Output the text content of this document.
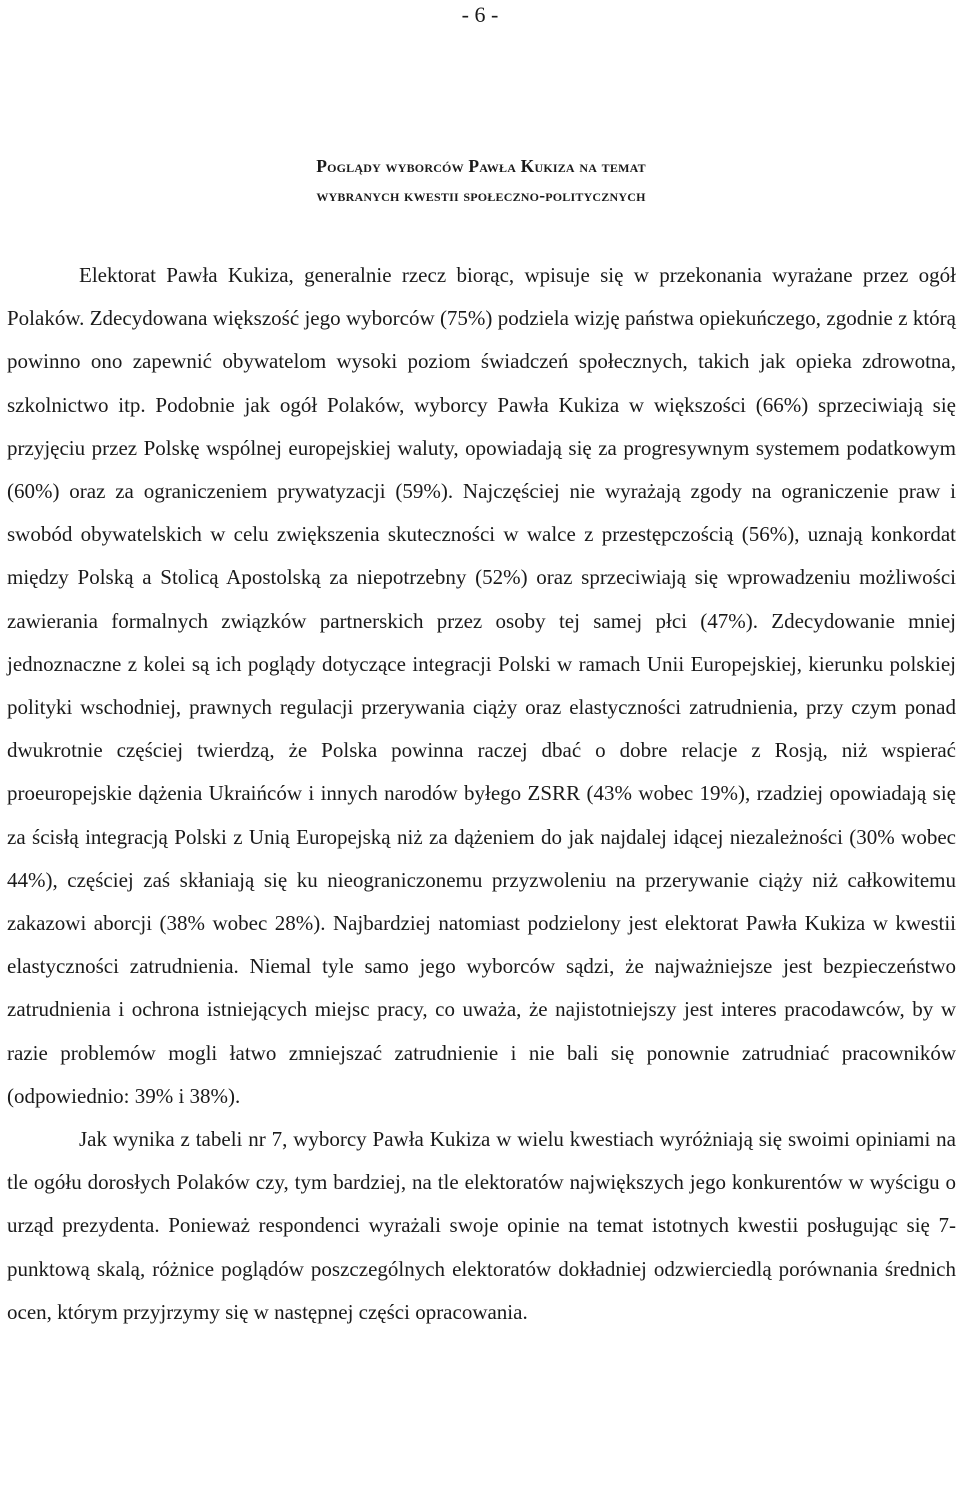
- 6 -
Poglądy wyborców Pawła Kukiza na temat
wybranych kwestii społeczno-politycznych

Elektorat Pawła Kukiza, generalnie rzecz biorąc, wpisuje się w przekonania wyrażane przez ogół Polaków. Zdecydowana większość jego wyborców (75%) podziela wizję państwa opiekuńczego, zgodnie z którą powinno ono zapewnić obywatelom wysoki poziom świadczeń społecznych, takich jak opieka zdrowotna, szkolnictwo itp. Podobnie jak ogół Polaków, wyborcy Pawła Kukiza w większości (66%) sprzeciwiają się przyjęciu przez Polskę wspólnej europejskiej waluty, opowiadają się za progresywnym systemem podatkowym (60%) oraz za ograniczeniem prywatyzacji (59%). Najczęściej nie wyrażają zgody na ograniczenie praw i swobód obywatelskich w celu zwiększenia skuteczności w walce z przestępczością (56%), uznają konkordat między Polską a Stolicą Apostolską za niepotrzebny (52%) oraz sprzeciwiają się wprowadzeniu możliwości zawierania formalnych związków partnerskich przez osoby tej samej płci (47%). Zdecydowanie mniej jednoznaczne z kolei są ich poglądy dotyczące integracji Polski w ramach Unii Europejskiej, kierunku polskiej polityki wschodniej, prawnych regulacji przerywania ciąży oraz elastyczności zatrudnienia, przy czym ponad dwukrotnie częściej twierdzą, że Polska powinna raczej dbać o dobre relacje z Rosją, niż wspierać proeuropejskie dążenia Ukraińców i innych narodów byłego ZSRR (43% wobec 19%), rzadziej opowiadają się za ścisłą integracją Polski z Unią Europejską niż za dążeniem do jak najdalej idącej niezależności (30% wobec 44%), częściej zaś skłaniają się ku nieograniczonemu przyzwoleniu na przerywanie ciąży niż całkowitemu zakazowi aborcji (38% wobec 28%). Najbardziej natomiast podzielony jest elektorat Pawła Kukiza w kwestii elastyczności zatrudnienia. Niemal tyle samo jego wyborców sądzi, że najważniejsze jest bezpieczeństwo zatrudnienia i ochrona istniejących miejsc pracy, co uważa, że najistotniejszy jest interes pracodawców, by w razie problemów mogli łatwo zmniejszać zatrudnienie i nie bali się ponownie zatrudniać pracowników (odpowiednio: 39% i 38%).

Jak wynika z tabeli nr 7, wyborcy Pawła Kukiza w wielu kwestiach wyróżniają się swoimi opiniami na tle ogółu dorosłych Polaków czy, tym bardziej, na tle elektoratów największych jego konkurentów w wyścigu o urząd prezydenta. Ponieważ respondenci wyrażali swoje opinie na temat istotnych kwestii posługując się 7-punktową skalą, różnice poglądów poszczególnych elektoratów dokładniej odzwierciedlą porównania średnich ocen, którym przyjrzymy się w następnej części opracowania.
